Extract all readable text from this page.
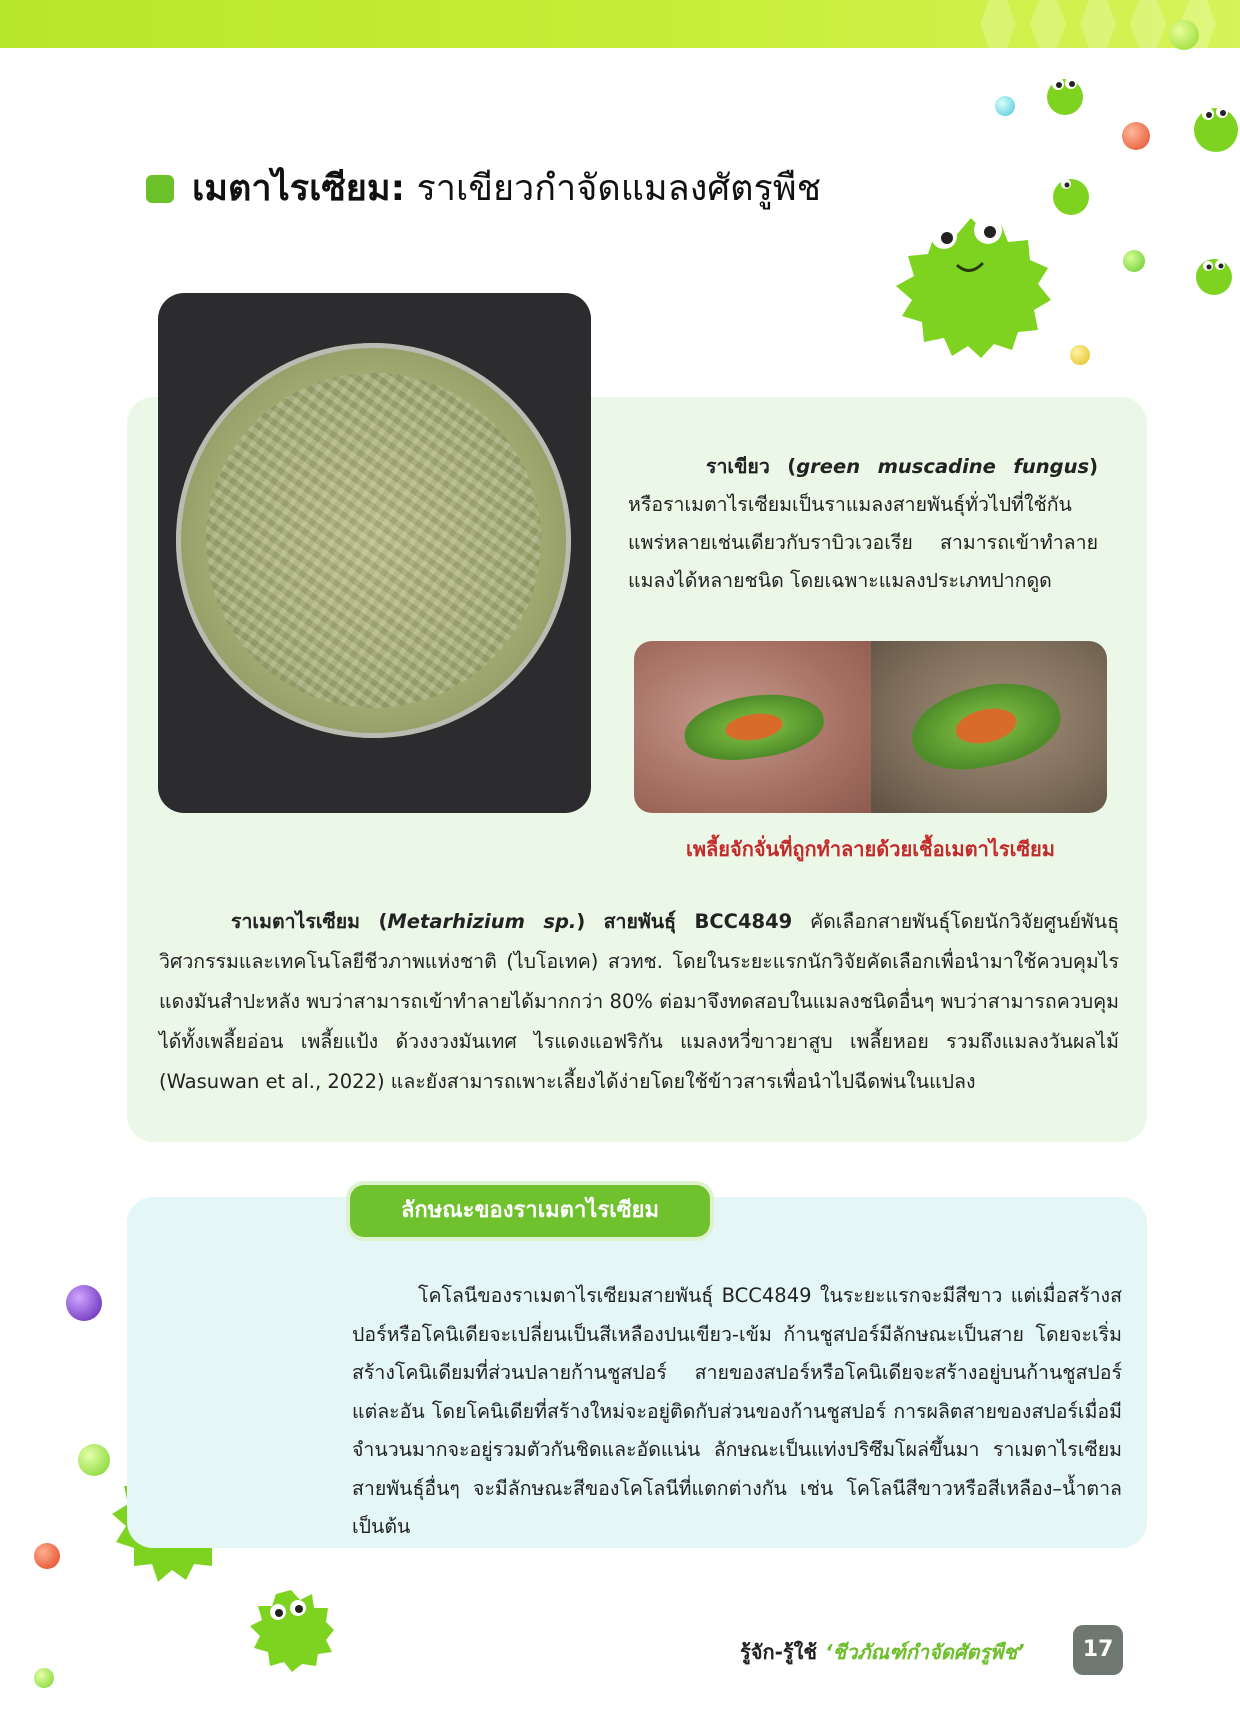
เมตาไรเซียม: ราเขียวกำจัดแมลงศัตรูพืช

ราเขียว (green muscadine fungus) หรือราเมตาไรเซียมเป็นราแมลงสายพันธุ์ทั่วไปที่ใช้กันแพร่หลายเช่นเดียวกับราบิวเวอเรีย สามารถเข้าทำลายแมลงได้หลายชนิด โดยเฉพาะแมลงประเภทปากดูด

เพลี้ยจักจั่นที่ถูกทำลายด้วยเชื้อเมตาไรเซียม

ราเมตาไรเซียม (Metarhizium sp.) สายพันธุ์ BCC4849 คัดเลือกสายพันธุ์โดยนักวิจัยศูนย์พันธุวิศวกรรมและเทคโนโลยีชีวภาพแห่งชาติ (ไบโอเทค) สวทช. โดยในระยะแรกนักวิจัยคัดเลือกเพื่อนำมาใช้ควบคุมไรแดงมันสำปะหลัง พบว่าสามารถเข้าทำลายได้มากกว่า 80% ต่อมาจึงทดสอบในแมลงชนิดอื่นๆ พบว่าสามารถควบคุมได้ทั้งเพลี้ยอ่อน เพลี้ยแป้ง ด้วงงวงมันเทศ ไรแดงแอฟริกัน แมลงหวี่ขาวยาสูบ เพลี้ยหอย รวมถึงแมลงวันผลไม้ (Wasuwan et al., 2022) และยังสามารถเพาะเลี้ยงได้ง่ายโดยใช้ข้าวสารเพื่อนำไปฉีดพ่นในแปลง

ลักษณะของราเมตาไรเซียม

โคโลนีของราเมตาไรเซียมสายพันธุ์ BCC4849 ในระยะแรกจะมีสีขาว แต่เมื่อสร้างสปอร์หรือโคนิเดียจะเปลี่ยนเป็นสีเหลืองปนเขียว-เข้ม ก้านชูสปอร์มีลักษณะเป็นสาย โดยจะเริ่มสร้างโคนิเดียมที่ส่วนปลายก้านชูสปอร์ สายของสปอร์หรือโคนิเดียจะสร้างอยู่บนก้านชูสปอร์แต่ละอัน โดยโคนิเดียที่สร้างใหม่จะอยู่ติดกับส่วนของก้านชูสปอร์ การผลิตสายของสปอร์เมื่อมีจำนวนมากจะอยู่รวมตัวกันชิดและอัดแน่น ลักษณะเป็นแท่งปริซึมโผล่ขึ้นมา ราเมตาไรเซียมสายพันธุ์อื่นๆ จะมีลักษณะสีของโคโลนีที่แตกต่างกัน เช่น โคโลนีสีขาวหรือสีเหลือง–น้ำตาล เป็นต้น

รู้จัก-รู้ใช้ ‘ชีวภัณฑ์กำจัดศัตรูพืช’	17
